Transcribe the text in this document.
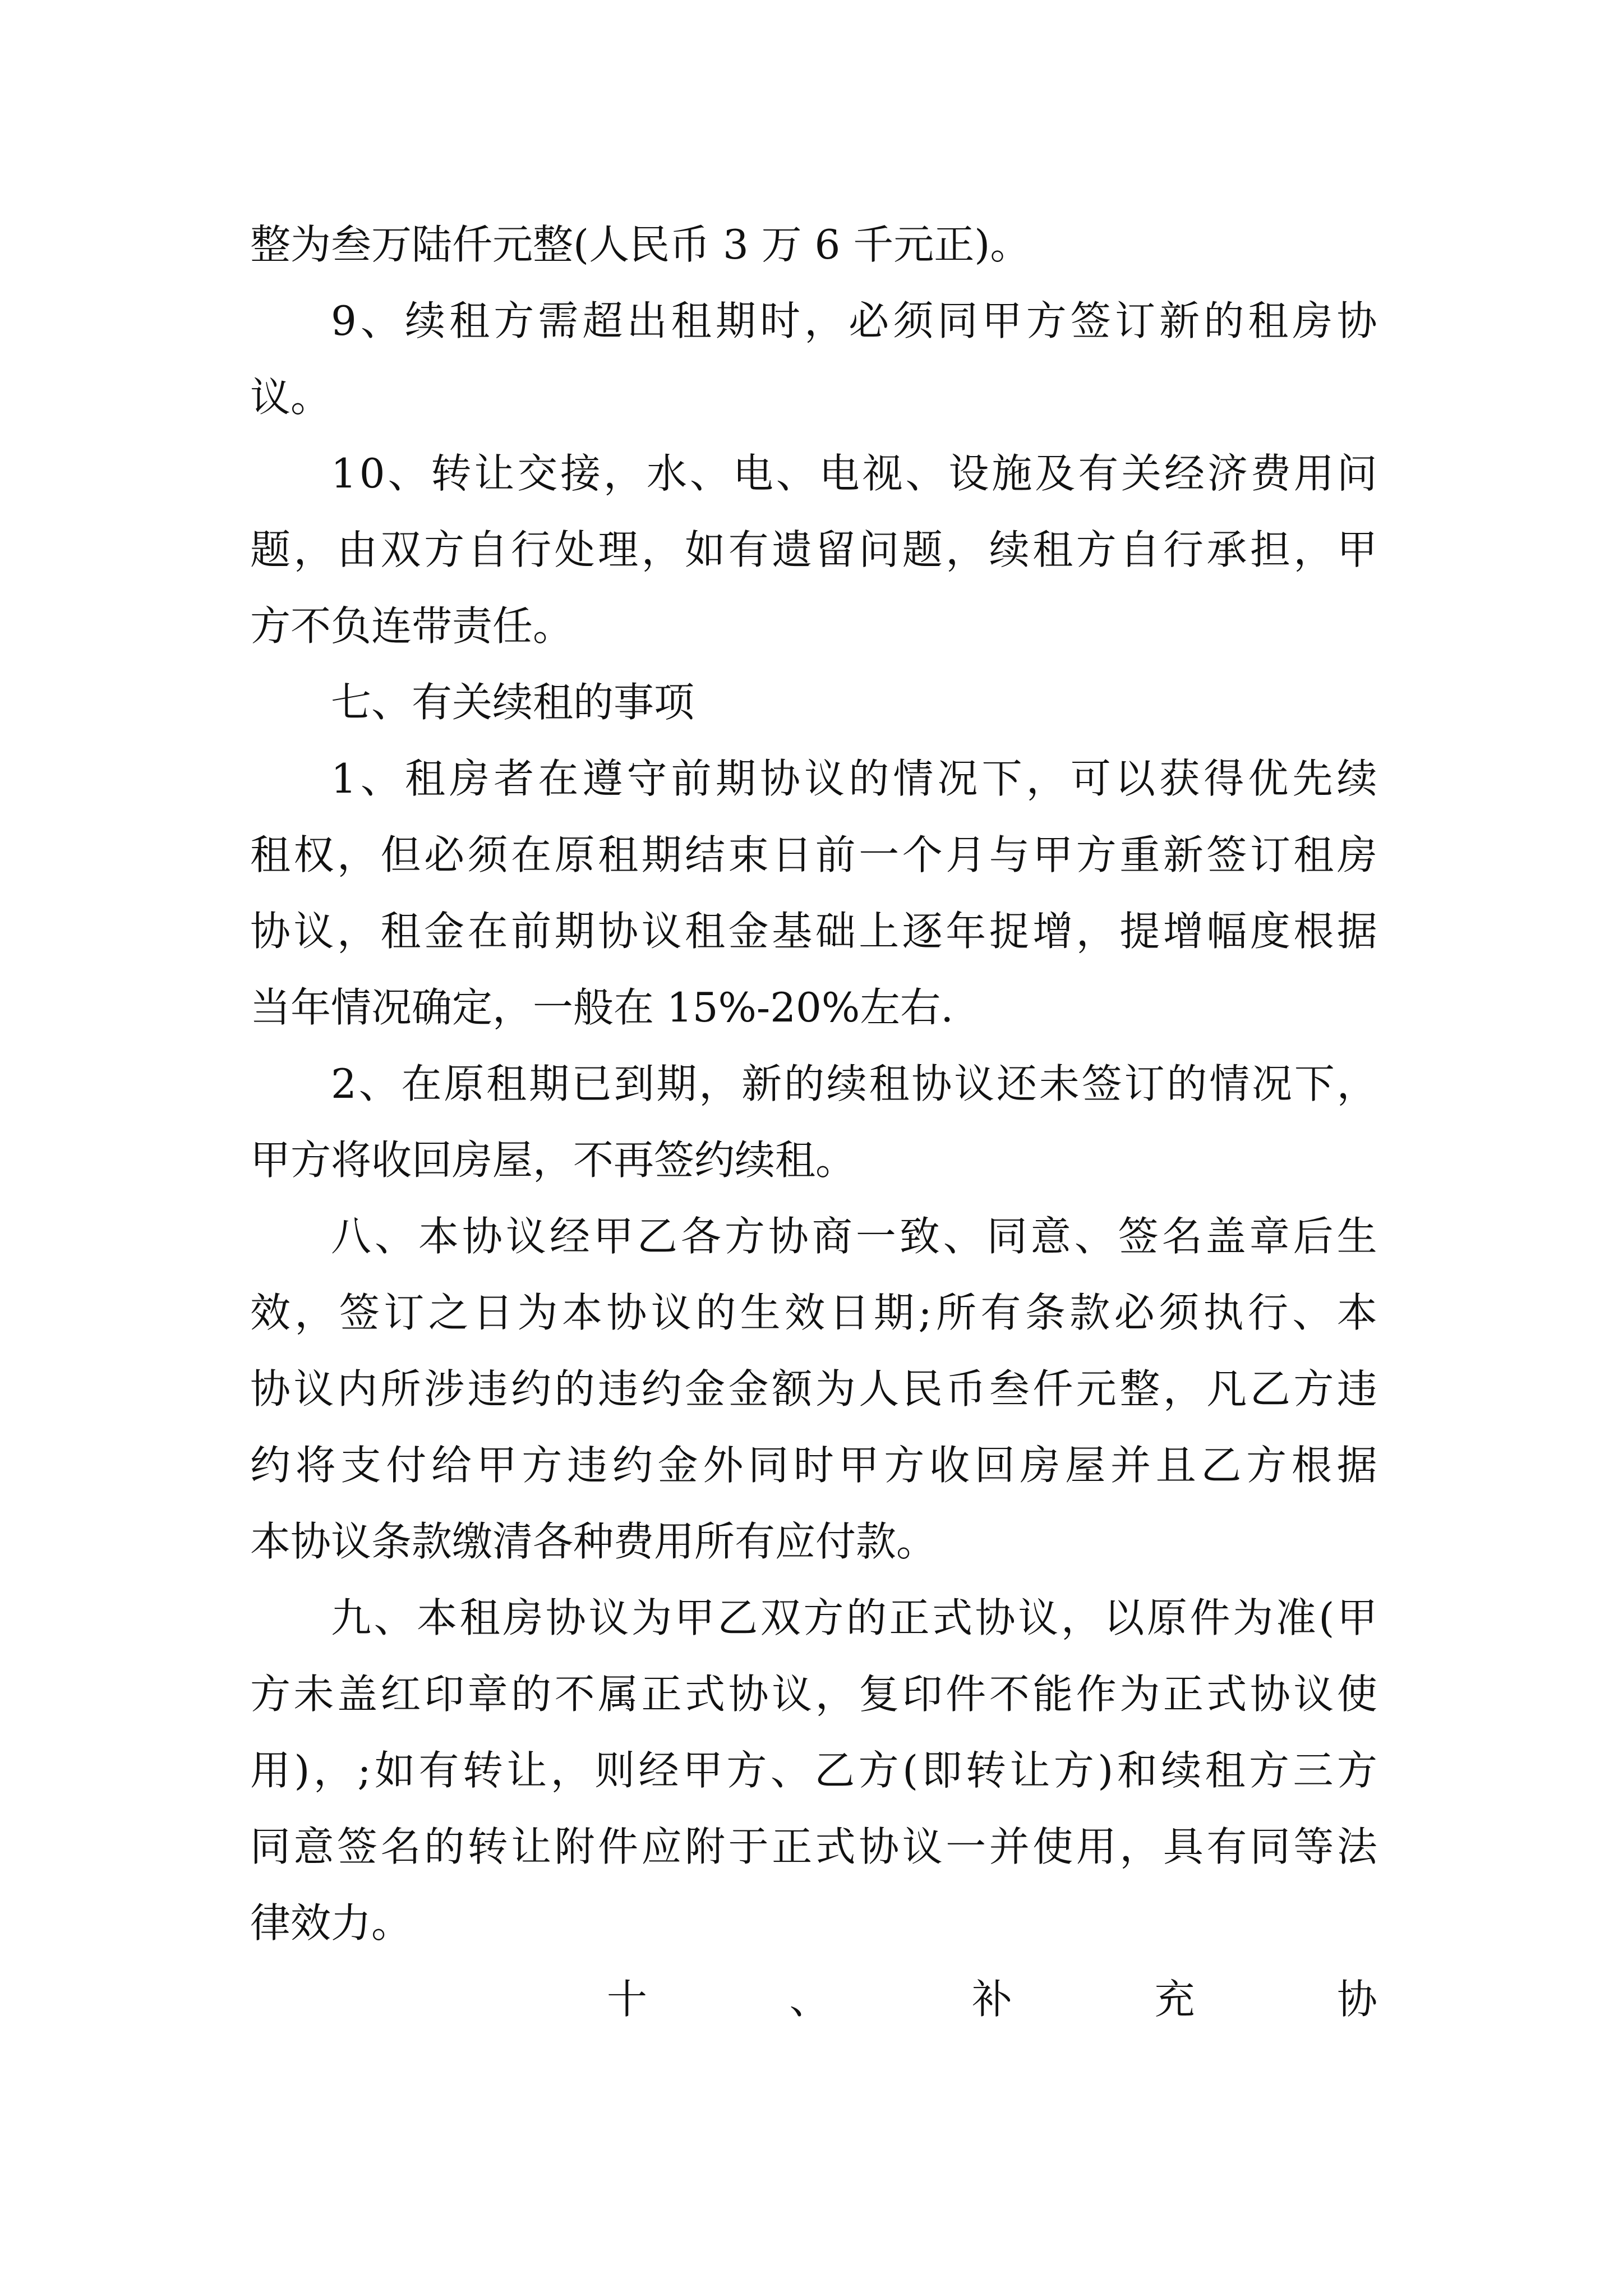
整为叁万陆仟元整(人民币 3 万 6 千元正)。
9 、 续 租 方 需 超 出 租 期 时 ， 必 须 同 甲 方 签 订 新 的 租 房 协
议。
1 0 、 转 让 交 接 ， 水 、 电 、 电 视 、 设 施 及 有 关 经 济 费 用 问
题 ， 由 双 方 自 行 处 理 ， 如 有 遗 留 问 题 ， 续 租 方 自 行 承 担 ， 甲
方不负连带责任。
七、有关续租的事项
1 、 租 房 者 在 遵 守 前 期 协 议 的 情 况 下 ， 可 以 获 得 优 先 续
租 权 ， 但 必 须 在 原 租 期 结 束 日 前 一 个 月 与 甲 方 重 新 签 订 租 房
协 议 ， 租 金 在 前 期 协 议 租 金 基 础 上 逐 年 捉 增 ， 提 增 幅 度 根 据
当年情况确定，一般在 15%-20%左右.
2 、 在 原 租 期 已 到 期 ， 新 的 续 租 协 议 还 未 签 订 的 情 况 下 ，
甲方将收回房屋，不再签约续租。
八 、 本 协 议 经 甲 乙 各 方 协 商 一 致 、 同 意 、 签 名 盖 章 后 生
效 ， 签 订 之 日 为 本 协 议 的 生 效 日 期 ; 所 有 条 款 必 须 执 行 、 本
协 议 内 所 涉 违 约 的 违 约 金 金 额 为 人 民 币 叁 仟 元 整 ， 凡 乙 方 违
约 将 支 付 给 甲 方 违 约 金 外 同 时 甲 方 收 回 房 屋 并 且 乙 方 根 据
本协议条款缴清各种费用所有应付款。
九 、 本 租 房 协 议 为 甲 乙 双 方 的 正 式 协 议 ， 以 原 件 为 准 ( 甲
方 未 盖 红 印 章 的 不 属 正 式 协 议 ， 复 印 件 不 能 作 为 正 式 协 议 使
用 ) ， ; 如 有 转 让 ， 则 经 甲 方 、 乙 方 ( 即 转 让 方 ) 和 续 租 方 三 方
同 意 签 名 的 转 让 附 件 应 附 于 正 式 协 议 一 并 使 用 ， 具 有 同 等 法
律效力。
十	、	补	充	协
